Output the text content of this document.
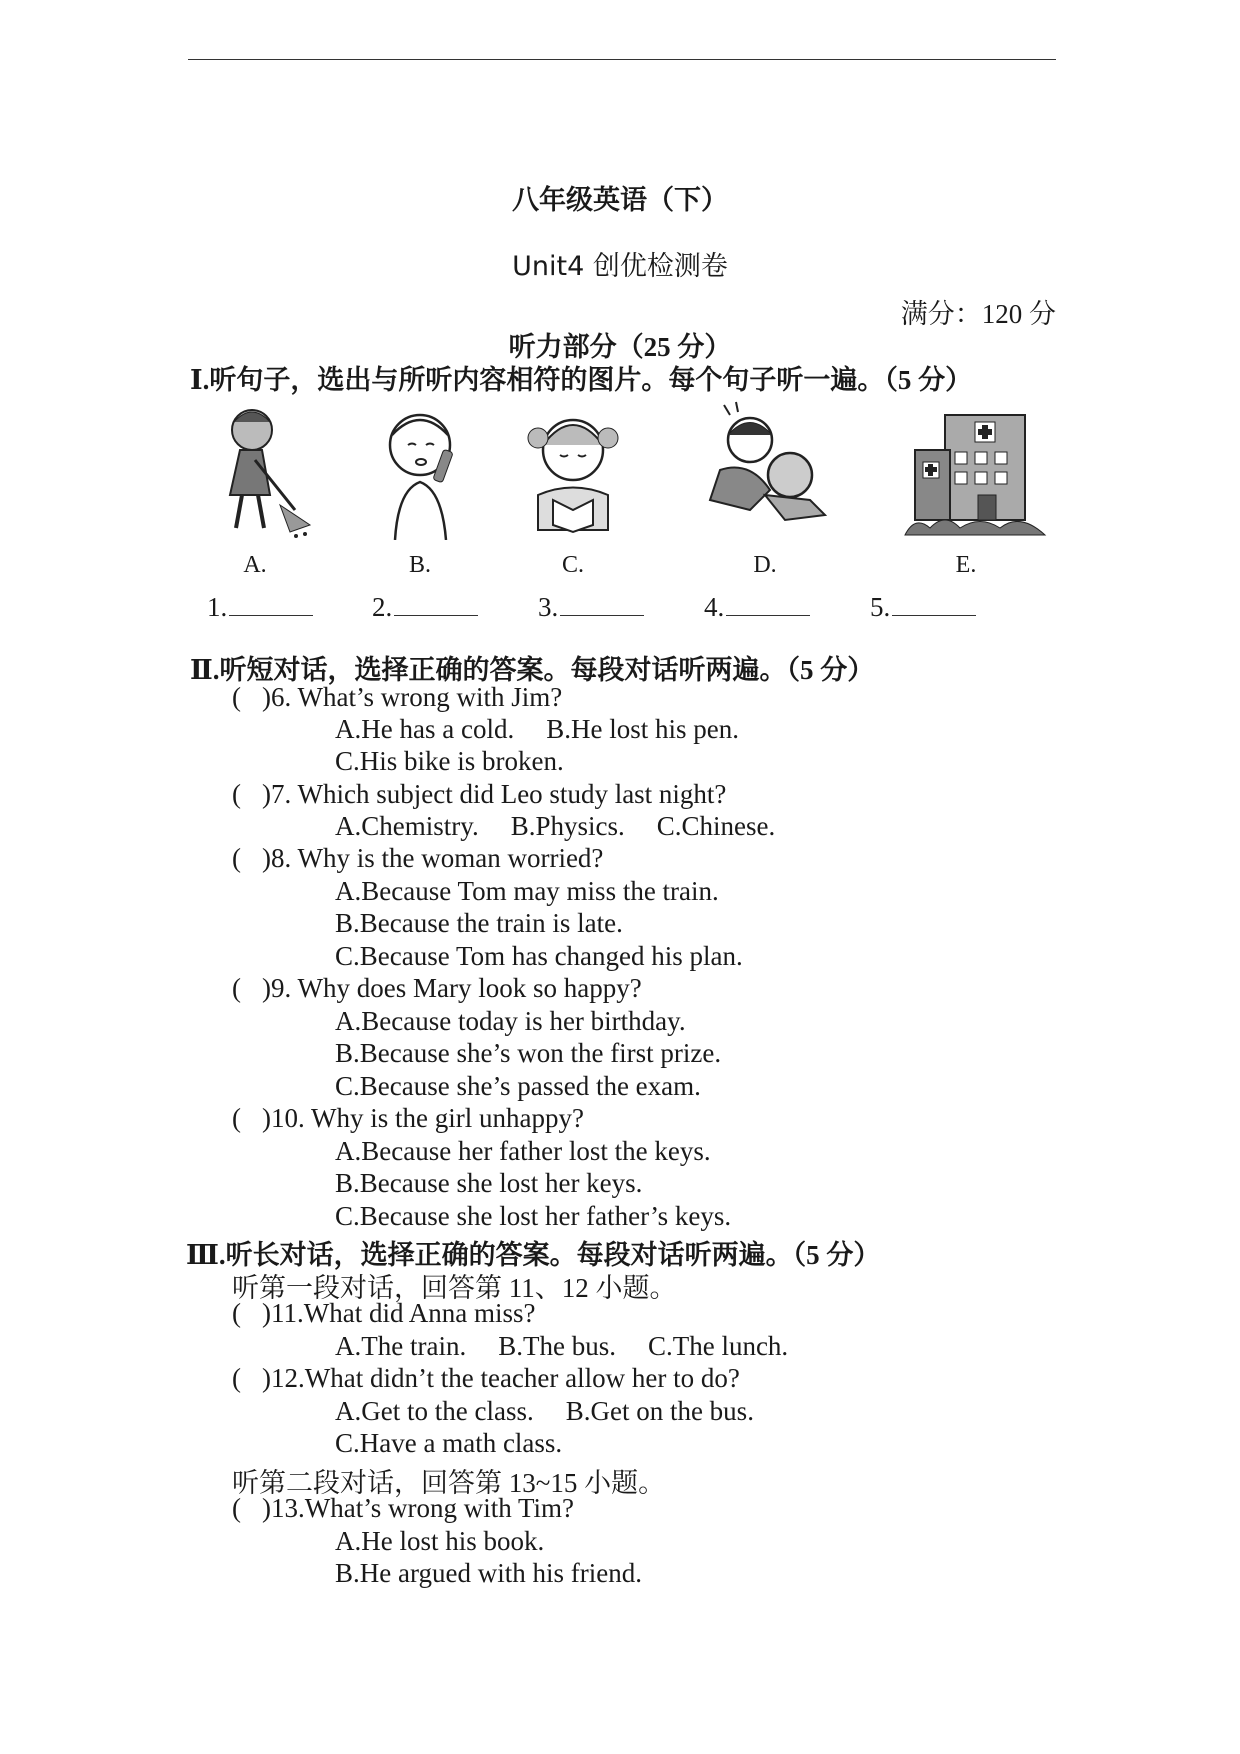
八年级英语（下）
Unit4 创优检测卷
满分：120 分
听力部分（25 分）
Ⅰ.听句子，选出与所听内容相符的图片。每个句子听一遍。（5 分）
A.	B.	C.	D.	E.
1.	2.	3.	4.	5.
Ⅱ.听短对话，选择正确的答案。每段对话听两遍。（5 分）
( )6. What’s wrong with Jim?
A.He has a cold. B.He lost his pen.
C.His bike is broken.
( )7. Which subject did Leo study last night?
A.Chemistry. B.Physics. C.Chinese.
( )8. Why is the woman worried?
A.Because Tom may miss the train.
B.Because the train is late.
C.Because Tom has changed his plan.
( )9. Why does Mary look so happy?
A.Because today is her birthday.
B.Because she’s won the first prize.
C.Because she’s passed the exam.
( )10. Why is the girl unhappy?
A.Because her father lost the keys.
B.Because she lost her keys.
C.Because she lost her father’s keys.
Ⅲ.听长对话，选择正确的答案。每段对话听两遍。（5 分）
听第一段对话，回答第 11、12 小题。
( )11.What did Anna miss?
A.The train. B.The bus. C.The lunch.
( )12.What didn’t the teacher allow her to do?
A.Get to the class. B.Get on the bus.
C.Have a math class.
听第二段对话，回答第 13~15 小题。
( )13.What’s wrong with Tim?
A.He lost his book.
B.He argued with his friend.
